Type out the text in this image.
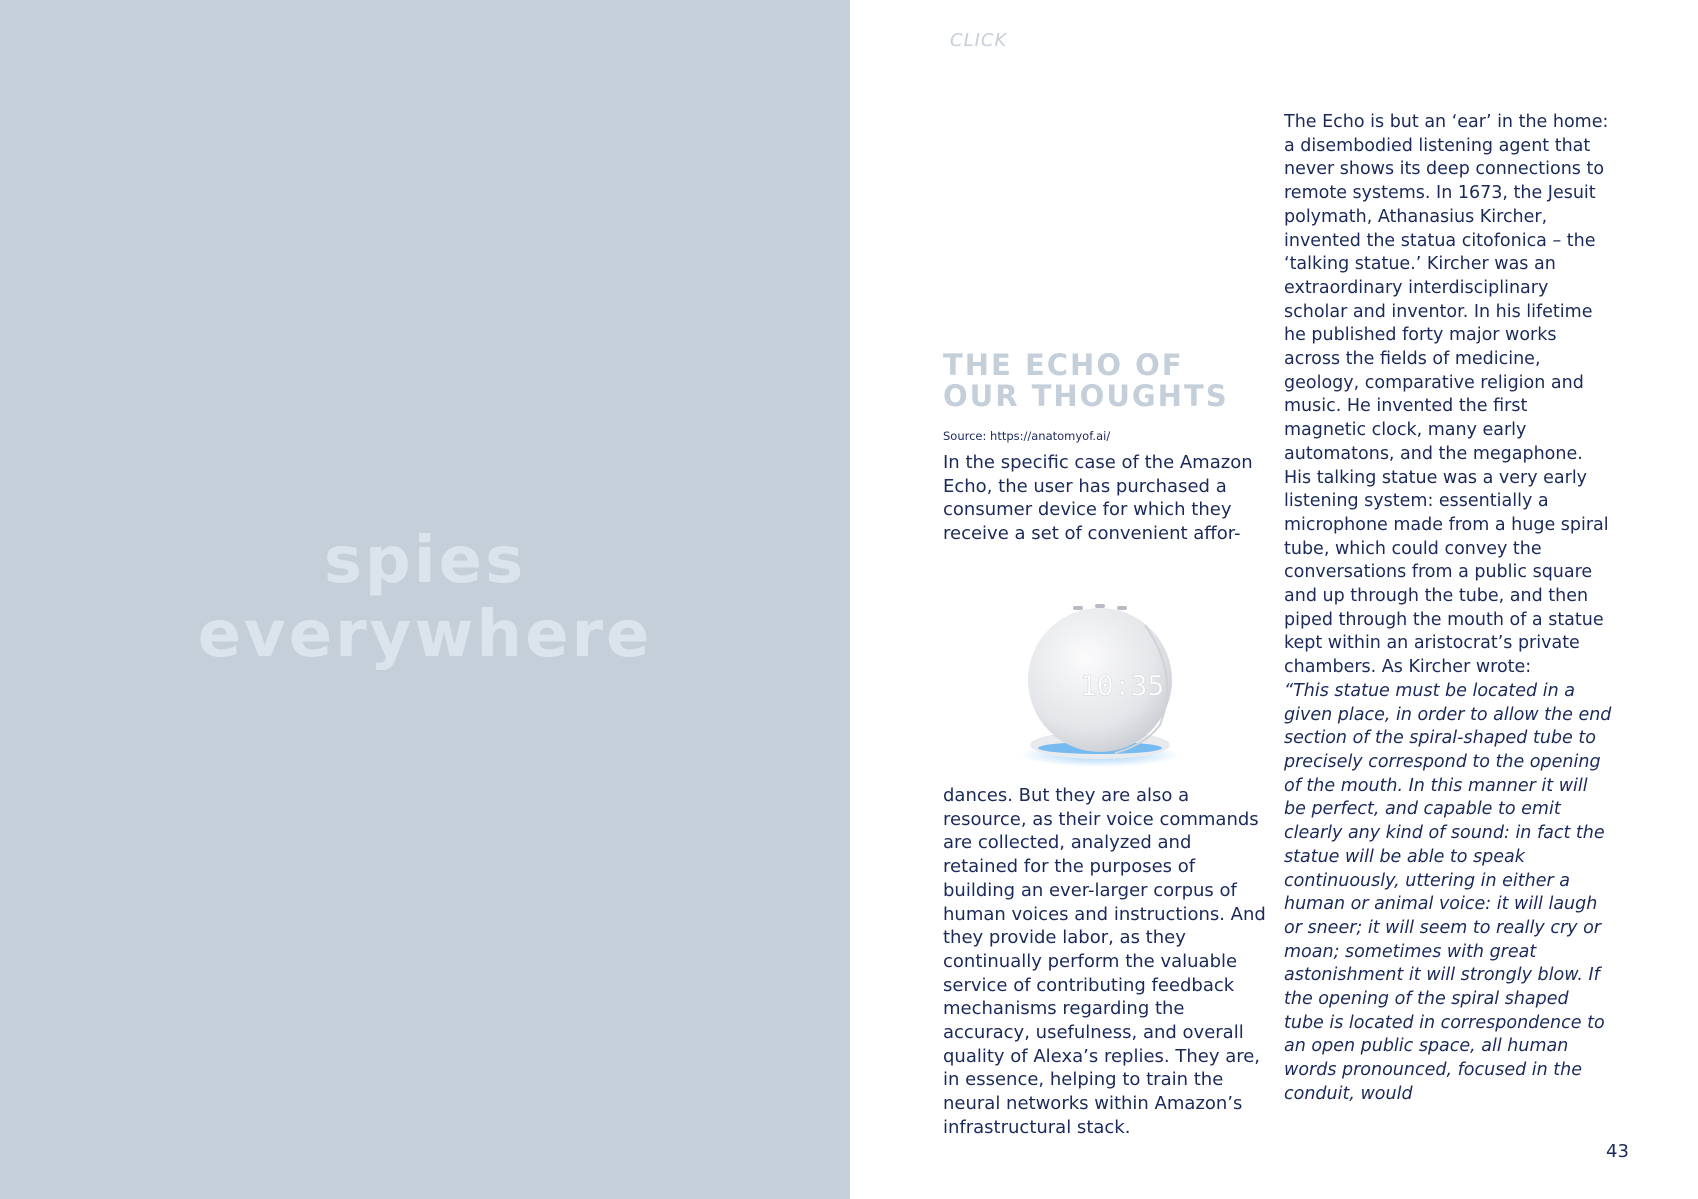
spies
everywhere
CLICK
THE ECHO OF
OUR THOUGHTS
Source: https://anatomyof.ai/

In the specific case of the Amazon Echo, the user has purchased a consumer device for which they receive a set of convenient affor-

10:35

dances. But they are also a resource, as their voice commands are collected, analyzed and retained for the purposes of building an ever-larger corpus of human voices and instructions. And they provide labor, as they continually perform the valuable service of contributing feedback mechanisms regarding the accuracy, usefulness, and overall quality of Alexa’s replies. They are, in essence, helping to train the neural networks within Amazon’s infrastructural stack.

The Echo is but an ‘ear’ in the home: a disembodied listening agent that never shows its deep connections to remote systems. In 1673, the Jesuit polymath, Athanasius Kircher, invented the statua citofonica – the ‘talking statue.’ Kircher was an extraordinary interdisciplinary scholar and inventor. In his lifetime he published forty major works across the fields of medicine, geology, comparative religion and music. He invented the first magnetic clock, many early automatons, and the megaphone. His talking statue was a very early listening system: essentially a microphone made from a huge spiral tube, which could convey the conversations from a public square and up through the tube, and then piped through the mouth of a statue kept within an aristocrat’s private chambers. As Kircher wrote:
“This statue must be located in a given place, in order to allow the end section of the spiral-shaped tube to precisely correspond to the opening of the mouth. In this manner it will be perfect, and capable to emit clearly any kind of sound: in fact the statue will be able to speak continuously, uttering in either a human or animal voice: it will laugh or sneer; it will seem to really cry or moan; sometimes with great astonishment it will strongly blow. If the opening of the spiral shaped tube is located in correspondence to an open public space, all human words pronounced, focused in the conduit, would
43
